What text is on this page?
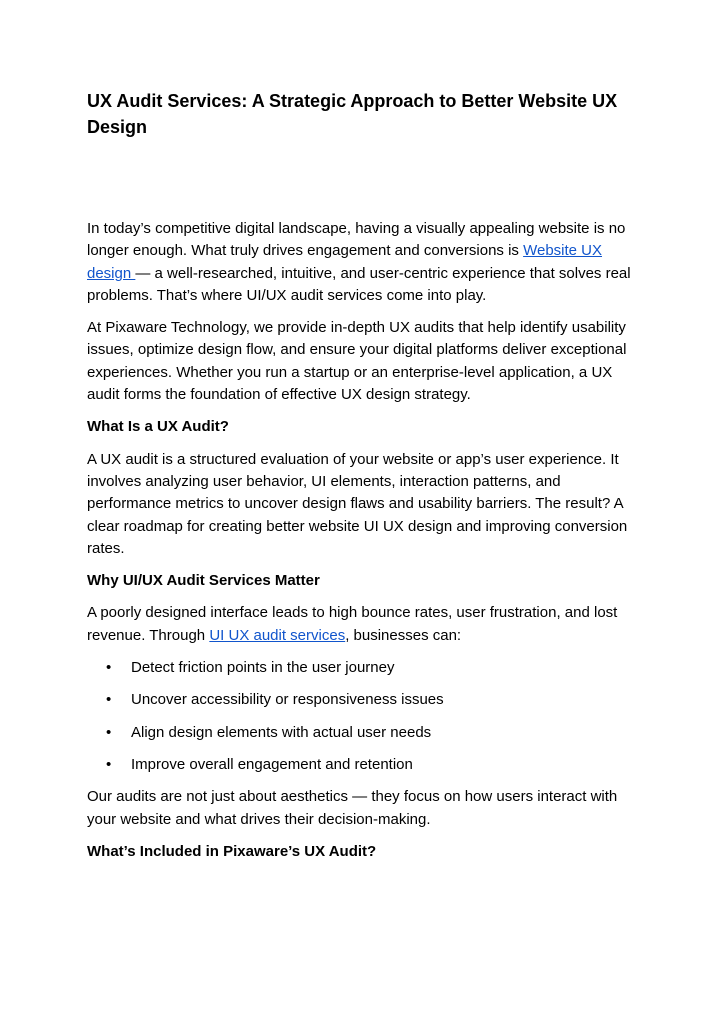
UX Audit Services: A Strategic Approach to Better Website UX Design

In today’s competitive digital landscape, having a visually appealing website is no longer enough. What truly drives engagement and conversions is Website UX design — a well-researched, intuitive, and user-centric experience that solves real problems. That’s where UI/UX audit services come into play.

At Pixaware Technology, we provide in-depth UX audits that help identify usability issues, optimize design flow, and ensure your digital platforms deliver exceptional experiences. Whether you run a startup or an enterprise-level application, a UX audit forms the foundation of effective UX design strategy.

What Is a UX Audit?

A UX audit is a structured evaluation of your website or app’s user experience. It involves analyzing user behavior, UI elements, interaction patterns, and performance metrics to uncover design flaws and usability barriers. The result? A clear roadmap for creating better website UI UX design and improving conversion rates.

Why UI/UX Audit Services Matter

A poorly designed interface leads to high bounce rates, user frustration, and lost revenue. Through UI UX audit services, businesses can:

• Detect friction points in the user journey
• Uncover accessibility or responsiveness issues
• Align design elements with actual user needs
• Improve overall engagement and retention

Our audits are not just about aesthetics — they focus on how users interact with your website and what drives their decision-making.

What’s Included in Pixaware’s UX Audit?
